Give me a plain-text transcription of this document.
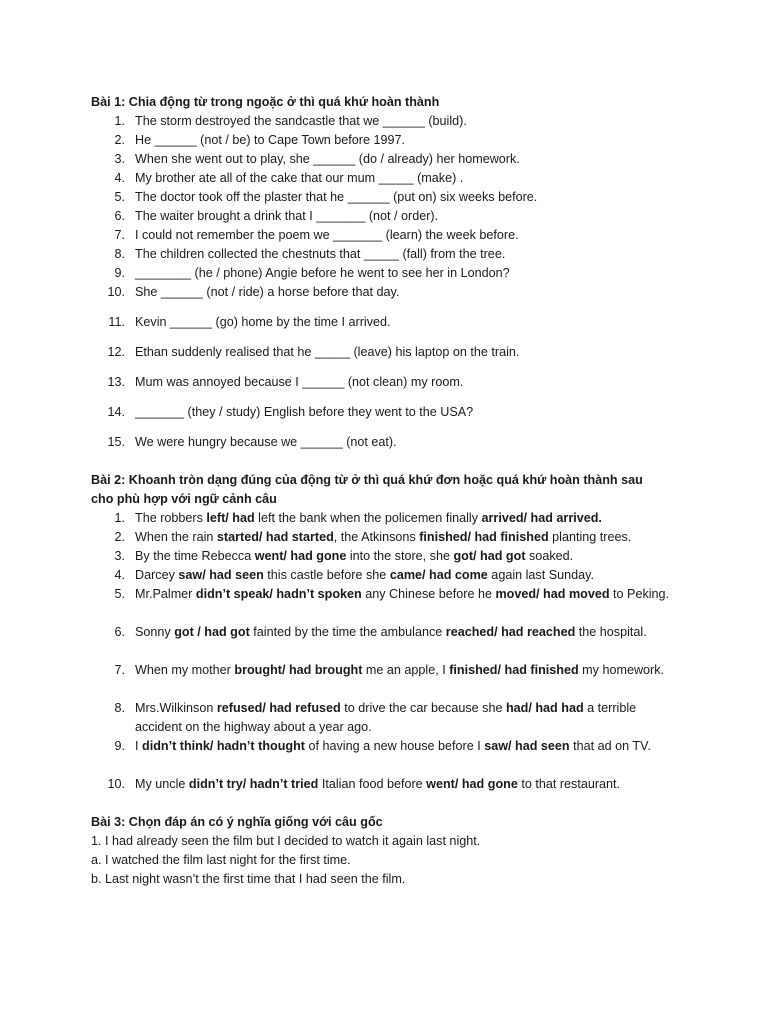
Bài 1: Chia động từ trong ngoặc ở thì quá khứ hoàn thành
1. The storm destroyed the sandcastle that we ______ (build).
2. He ______ (not / be) to Cape Town before 1997.
3. When she went out to play, she ______ (do / already) her homework.
4. My brother ate all of the cake that our mum _____ (make) .
5. The doctor took off the plaster that he ______ (put on) six weeks before.
6. The waiter brought a drink that I _______ (not / order).
7. I could not remember the poem we _______ (learn) the week before.
8. The children collected the chestnuts that _____ (fall) from the tree.
9. ________ (he / phone) Angie before he went to see her in London?
10. She ______ (not / ride) a horse before that day.
11. Kevin ______ (go) home by the time I arrived.
12. Ethan suddenly realised that he _____ (leave) his laptop on the train.
13. Mum was annoyed because I ______ (not clean) my room.
14. _______ (they / study) English before they went to the USA?
15. We were hungry because we ______ (not eat).
Bài 2: Khoanh tròn dạng đúng của động từ ở thì quá khứ đơn hoặc quá khứ hoàn thành sau
cho phù hợp với ngữ cảnh câu
1. The robbers left/ had left the bank when the policemen finally arrived/ had arrived.
2. When the rain started/ had started, the Atkinsons finished/ had finished planting trees.
3. By the time Rebecca went/ had gone into the store, she got/ had got soaked.
4. Darcey saw/ had seen this castle before she came/ had come again last Sunday.
5. Mr.Palmer didn’t speak/ hadn’t spoken any Chinese before he moved/ had moved to Peking.
6. Sonny got / had got fainted by the time the ambulance reached/ had reached the hospital.
7. When my mother brought/ had brought me an apple, I finished/ had finished my homework.
8. Mrs.Wilkinson refused/ had refused to drive the car because she had/ had had a terrible accident on the highway about a year ago.
9. I didn’t think/ hadn’t thought of having a new house before I saw/ had seen that ad on TV.
10. My uncle didn’t try/ hadn’t tried Italian food before went/ had gone to that restaurant.
Bài 3: Chọn đáp án có ý nghĩa giống với câu gốc
1. I had already seen the film but I decided to watch it again last night.
a. I watched the film last night for the first time.
b. Last night wasn’t the first time that I had seen the film.
